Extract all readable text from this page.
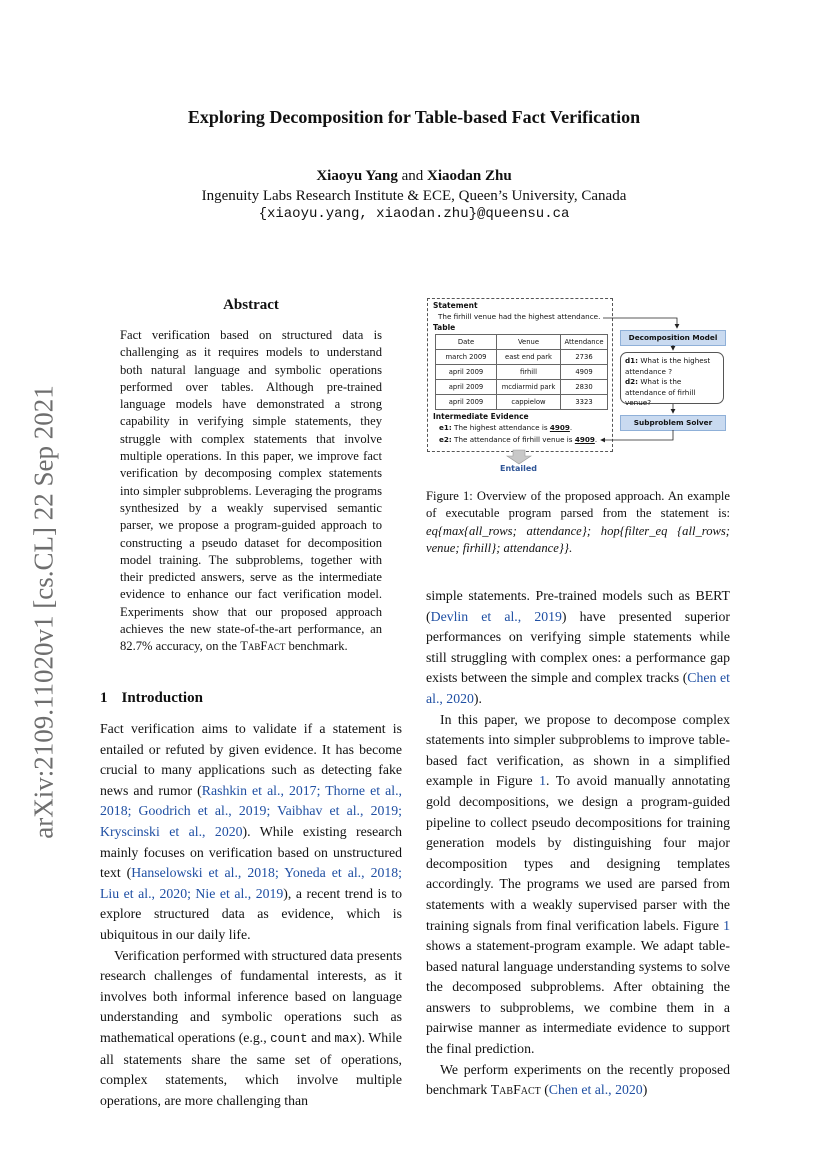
arXiv:2109.11020v1 [cs.CL] 22 Sep 2021
Exploring Decomposition for Table-based Fact Verification
Xiaoyu Yang and Xiaodan Zhu
Ingenuity Labs Research Institute & ECE, Queen’s University, Canada
{xiaoyu.yang, xiaodan.zhu}@queensu.ca
Abstract

Fact verification based on structured data is challenging as it requires models to understand both natural language and symbolic operations performed over tables. Although pre-trained language models have demonstrated a strong capability in verifying simple statements, they struggle with complex statements that involve multiple operations. In this paper, we improve fact verification by decomposing complex statements into simpler subproblems. Leveraging the programs synthesized by a weakly supervised semantic parser, we propose a program-guided approach to constructing a pseudo dataset for decomposition model training. The subproblems, together with their predicted answers, serve as the intermediate evidence to enhance our fact verification model. Experiments show that our proposed approach achieves the new state-of-the-art performance, an 82.7% accuracy, on the TabFact benchmark.

1 Introduction

Fact verification aims to validate if a statement is entailed or refuted by given evidence. It has become crucial to many applications such as detecting fake news and rumor (Rashkin et al., 2017; Thorne et al., 2018; Goodrich et al., 2019; Vaibhav et al., 2019; Kryscinski et al., 2020). While existing research mainly focuses on verification based on unstructured text (Hanselowski et al., 2018; Yoneda et al., 2018; Liu et al., 2020; Nie et al., 2019), a recent trend is to explore structured data as evidence, which is ubiquitous in our daily life.

Verification performed with structured data presents research challenges of fundamental interests, as it involves both informal inference based on language understanding and symbolic operations such as mathematical operations (e.g., count and max). While all statements share the same set of operations, complex statements, which involve multiple operations, are more challenging than

Statement
The firhill venue had the highest attendance.
Table
Date	Venue	Attendance
march 2009	east end park	2736
april 2009	firhill	4909
april 2009	mcdiarmid park	2830
april 2009	cappielow	3323
Intermediate Evidence
e1: The highest attendance is 4909.
e2: The attendance of firhill venue is 4909.
Decomposition Model
d1: What is the highest attendance ?
d2: What is the attendance of firhill venue?
Subproblem Solver
Entailed
Figure 1: Overview of the proposed approach. An example of executable program parsed from the statement is: eq{max{all_rows; attendance}; hop{filter_eq {all_rows; venue; firhill}; attendance}}.

simple statements. Pre-trained models such as BERT (Devlin et al., 2019) have presented superior performances on verifying simple statements while still struggling with complex ones: a performance gap exists between the simple and complex tracks (Chen et al., 2020).

In this paper, we propose to decompose complex statements into simpler subproblems to improve table-based fact verification, as shown in a simplified example in Figure 1. To avoid manually annotating gold decompositions, we design a program-guided pipeline to collect pseudo decompositions for training generation models by distinguishing four major decomposition types and designing templates accordingly. The programs we used are parsed from statements with a weakly supervised parser with the training signals from final verification labels. Figure 1 shows a statement-program example. We adapt table-based natural language understanding systems to solve the decomposed subproblems. After obtaining the answers to subproblems, we combine them in a pairwise manner as intermediate evidence to support the final prediction.

We perform experiments on the recently proposed benchmark TabFact (Chen et al., 2020)
